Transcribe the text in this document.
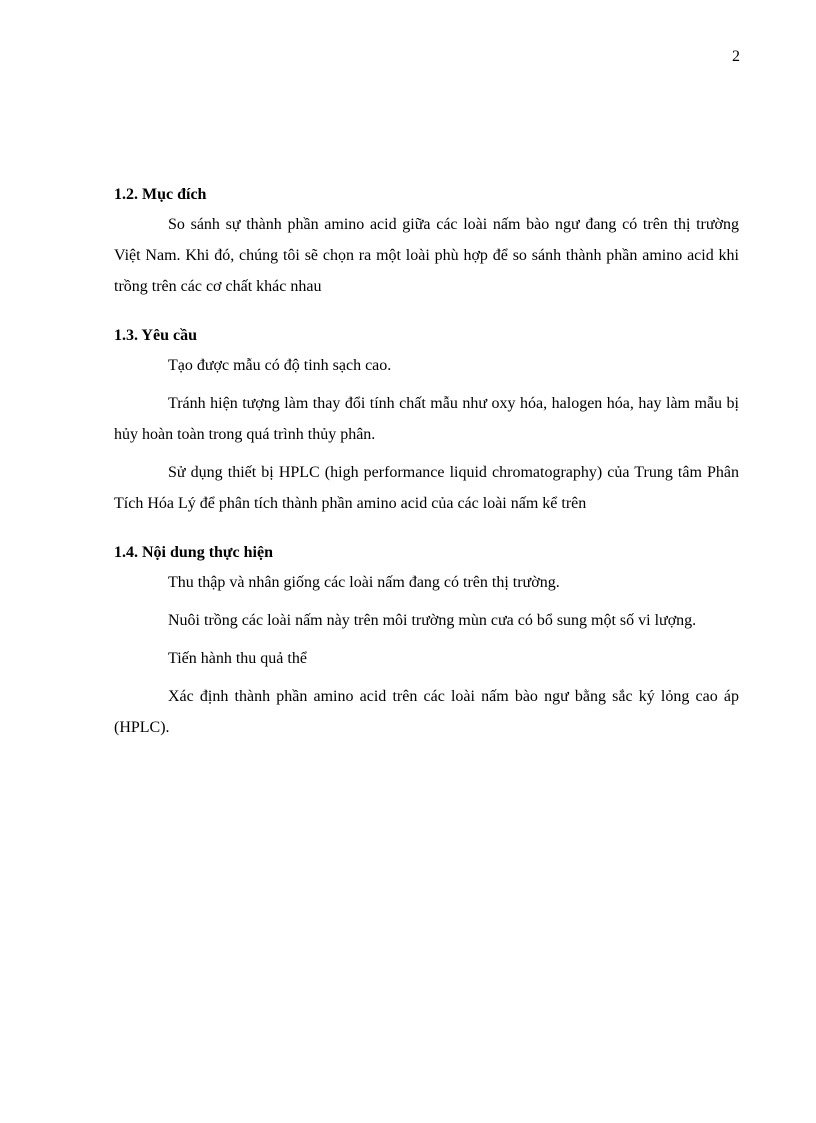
2
1.2. Mục đích

So sánh sự thành phần amino acid giữa các loài nấm bào ngư đang có trên thị trường Việt Nam. Khi đó, chúng tôi sẽ chọn ra một loài phù hợp để so sánh thành phần amino acid khi trồng trên các cơ chất khác nhau

1.3. Yêu cầu

Tạo được mẫu có độ tinh sạch cao.

Tránh hiện tượng làm thay đổi tính chất mẫu như oxy hóa, halogen hóa, hay làm mẫu bị hủy hoàn toàn trong quá trình thủy phân.

Sử dụng thiết bị HPLC (high performance liquid chromatography) của Trung tâm Phân Tích Hóa Lý để phân tích thành phần amino acid của các loài nấm kể trên

1.4. Nội dung thực hiện

Thu thập và nhân giống các loài nấm đang có trên thị trường.

Nuôi trồng các loài nấm này trên môi trường mùn cưa có bổ sung một số vi lượng.

Tiến hành thu quả thể

Xác định thành phần amino acid trên các loài nấm bào ngư bằng sắc ký lỏng cao áp (HPLC).
